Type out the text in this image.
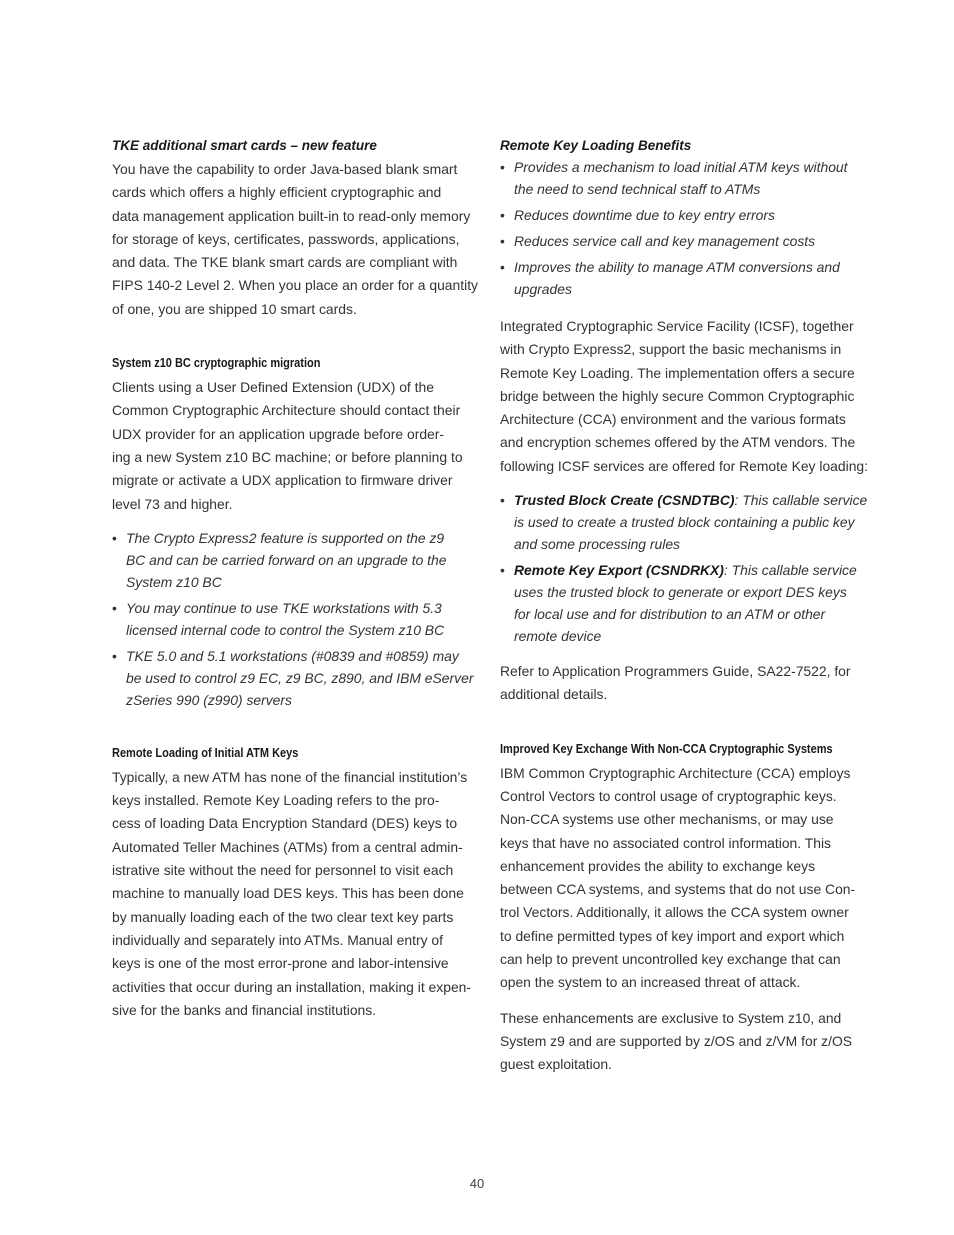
TKE additional smart cards – new feature

You have the capability to order Java-based blank smart
cards which offers a highly efficient cryptographic and
data management application built-in to read-only memory
for storage of keys, certificates, passwords, applications,
and data. The TKE blank smart cards are compliant with
FIPS 140-2 Level 2. When you place an order for a quantity
of one, you are shipped 10 smart cards.

System z10 BC cryptographic migration

Clients using a User Defined Extension (UDX) of the
Common Cryptographic Architecture should contact their
UDX provider for an application upgrade before order-
ing a new System z10 BC machine; or before planning to
migrate or activate a UDX application to firmware driver
level 73 and higher.

• The Crypto Express2 feature is supported on the z9
BC and can be carried forward on an upgrade to the
System z10 BC
• You may continue to use TKE workstations with 5.3
licensed internal code to control the System z10 BC
• TKE 5.0 and 5.1 workstations (#0839 and #0859) may
be used to control z9 EC, z9 BC, z890, and IBM eServer
zSeries 990 (z990) servers
Remote Loading of Initial ATM Keys

Typically, a new ATM has none of the financial institution’s
keys installed. Remote Key Loading refers to the pro-
cess of loading Data Encryption Standard (DES) keys to
Automated Teller Machines (ATMs) from a central admin-
istrative site without the need for personnel to visit each
machine to manually load DES keys. This has been done
by manually loading each of the two clear text key parts
individually and separately into ATMs. Manual entry of
keys is one of the most error-prone and labor-intensive
activities that occur during an installation, making it expen-
sive for the banks and financial institutions.

Remote Key Loading Benefits
• Provides a mechanism to load initial ATM keys without
the need to send technical staff to ATMs
• Reduces downtime due to key entry errors
• Reduces service call and key management costs
• Improves the ability to manage ATM conversions and
upgrades

Integrated Cryptographic Service Facility (ICSF), together
with Crypto Express2, support the basic mechanisms in
Remote Key Loading. The implementation offers a secure
bridge between the highly secure Common Cryptographic
Architecture (CCA) environment and the various formats
and encryption schemes offered by the ATM vendors. The
following ICSF services are offered for Remote Key loading:

• Trusted Block Create (CSNDTBC): This callable service
is used to create a trusted block containing a public key
and some processing rules
• Remote Key Export (CSNDRKX): This callable service
uses the trusted block to generate or export DES keys
for local use and for distribution to an ATM or other
remote device

Refer to Application Programmers Guide, SA22-7522, for
additional details.

Improved Key Exchange With Non-CCA Cryptographic Systems

IBM Common Cryptographic Architecture (CCA) employs
Control Vectors to control usage of cryptographic keys.
Non-CCA systems use other mechanisms, or may use
keys that have no associated control information. This
enhancement provides the ability to exchange keys
between CCA systems, and systems that do not use Con-
trol Vectors. Additionally, it allows the CCA system owner
to define permitted types of key import and export which
can help to prevent uncontrolled key exchange that can
open the system to an increased threat of attack.

These enhancements are exclusive to System z10, and
System z9 and are supported by z/OS and z/VM for z/OS
guest exploitation.

40
